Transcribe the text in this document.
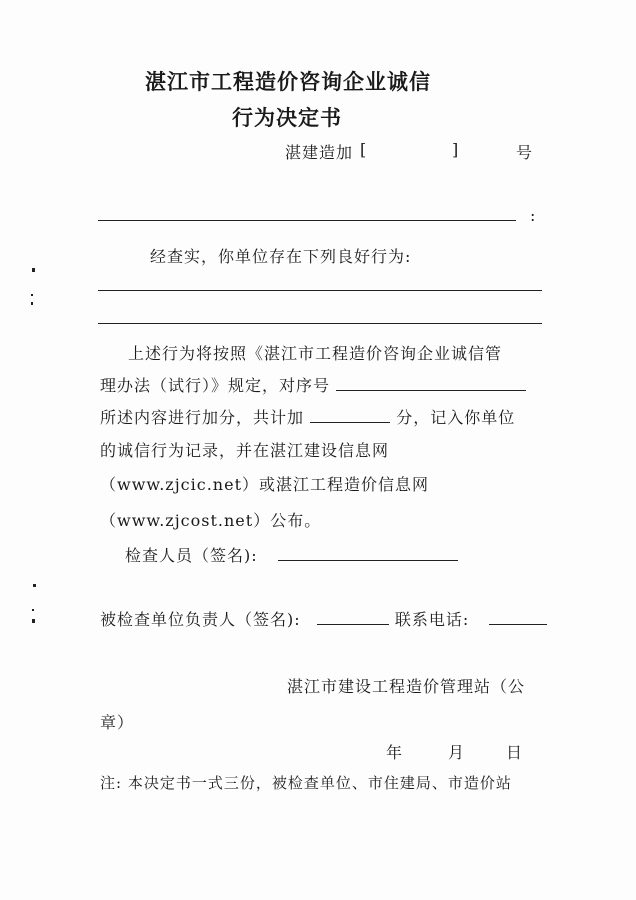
湛江市工程造价咨询企业诚信
行为决定书
湛建造加 [	]	号
:
经查实，你单位存在下列良好行为:
上述行为将按照《湛江市工程造价咨询企业诚信管
理办法（试行）》规定，对序号
所述内容进行加分，共计加	分，记入你单位
的诚信行为记录，并在湛江建设信息网
（www.zjcic.net）或湛江工程造价信息网
（www.zjcost.net）公布。
检查人员（签名):
被检查单位负责人（签名):	联系电话:
湛江市建设工程造价管理站（公
章）
年	月	日
注: 本决定书一式三份，被检查单位、市住建局、市造价站
